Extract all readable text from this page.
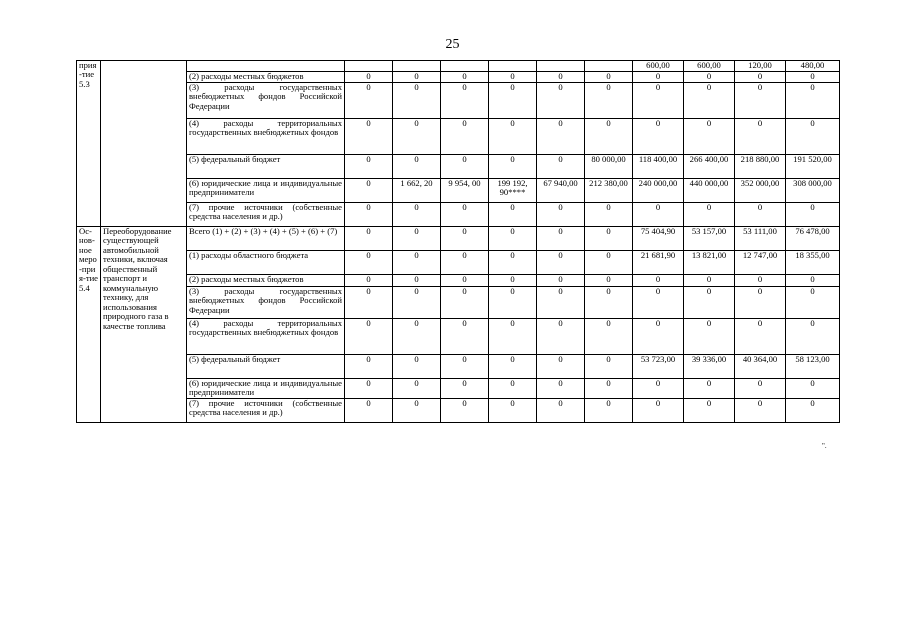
25
прия-тие 5.3									600,00	600,00	120,00	480,00
		(2) расходы местных бюджетов	0	0	0	0	0	0	0	0	0	0
		(3) расходы государственных внебюджетных фондов Российской Федерации	0	0	0	0	0	0	0	0	0	0
		(4) расходы территориальных государственных внебюджетных фондов	0	0	0	0	0	0	0	0	0	0
		(5) федеральный бюджет	0	0	0	0	0	80 000,00	118 400,00	266 400,00	218 880,00	191 520,00
		(6) юридические лица и индивидуальные предприниматели	0	1 662, 20	9 954, 00	199 192, 90****	67 940,00	212 380,00	240 000,00	440 000,00	352 000,00	308 000,00
		(7) прочие источники (собственные средства населения и др.)	0	0	0	0	0	0	0	0	0	0
Ос-нов-ное меро-прия-тие 5.4	Переоборудование существующей автомобильной техники, включая общественный транспорт и коммунальную технику, для использования природного газа в качестве топлива	Всего (1) + (2) + (3) + (4) + (5) + (6) + (7)	0	0	0	0	0	0	75 404,90	53 157,00	53 111,00	76 478,00
		(1) расходы областного бюджета	0	0	0	0	0	0	21 681,90	13 821,00	12 747,00	18 355,00
		(2) расходы местных бюджетов	0	0	0	0	0	0	0	0	0	0
		(3) расходы государственных внебюджетных фондов Российской Федерации	0	0	0	0	0	0	0	0	0	0
		(4) расходы территориальных государственных внебюджетных фондов	0	0	0	0	0	0	0	0	0	0
		(5) федеральный бюджет	0	0	0	0	0	0	53 723,00	39 336,00	40 364,00	58 123,00
		(6) юридические лица и индивидуальные предприниматели	0	0	0	0	0	0	0	0	0	0
		(7) прочие источники (собственные средства населения и др.)	0	0	0	0	0	0	0	0	0	0
".
